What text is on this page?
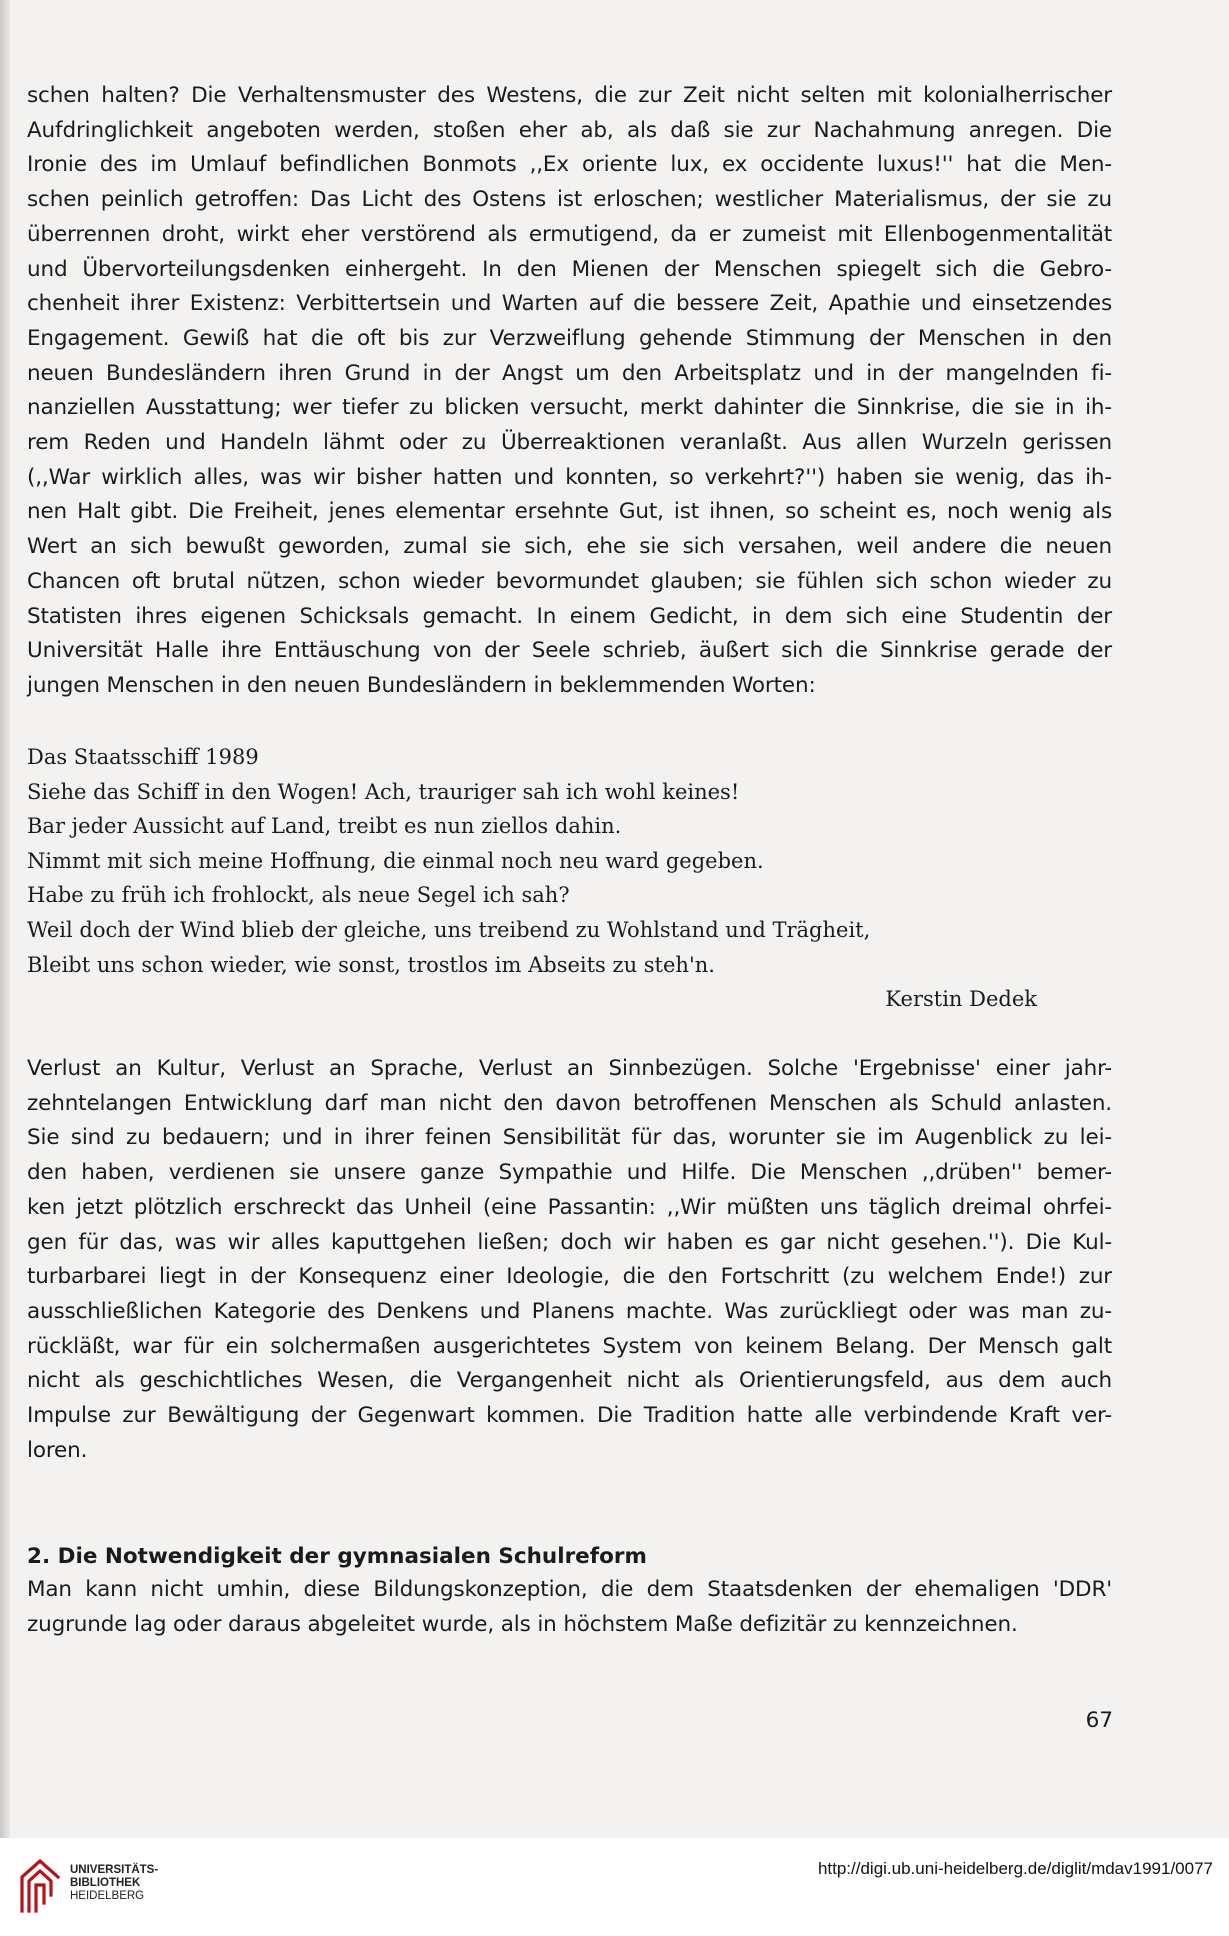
schen halten? Die Verhaltensmuster des Westens, die zur Zeit nicht selten mit kolonialherrischer
Aufdringlichkeit angeboten werden, stoßen eher ab, als daß sie zur Nachahmung anregen. Die
Ironie des im Umlauf befindlichen Bonmots ,,Ex oriente lux, ex occidente luxus!'' hat die Men-
schen peinlich getroffen: Das Licht des Ostens ist erloschen; westlicher Materialismus, der sie zu
überrennen droht, wirkt eher verstörend als ermutigend, da er zumeist mit Ellenbogenmentalität
und Übervorteilungsdenken einhergeht. In den Mienen der Menschen spiegelt sich die Gebro-
chenheit ihrer Existenz: Verbittertsein und Warten auf die bessere Zeit, Apathie und einsetzendes
Engagement. Gewiß hat die oft bis zur Verzweiflung gehende Stimmung der Menschen in den
neuen Bundesländern ihren Grund in der Angst um den Arbeitsplatz und in der mangelnden fi-
nanziellen Ausstattung; wer tiefer zu blicken versucht, merkt dahinter die Sinnkrise, die sie in ih-
rem Reden und Handeln lähmt oder zu Überreaktionen veranlaßt. Aus allen Wurzeln gerissen
(,,War wirklich alles, was wir bisher hatten und konnten, so verkehrt?'') haben sie wenig, das ih-
nen Halt gibt. Die Freiheit, jenes elementar ersehnte Gut, ist ihnen, so scheint es, noch wenig als
Wert an sich bewußt geworden, zumal sie sich, ehe sie sich versahen, weil andere die neuen
Chancen oft brutal nützen, schon wieder bevormundet glauben; sie fühlen sich schon wieder zu
Statisten ihres eigenen Schicksals gemacht. In einem Gedicht, in dem sich eine Studentin der
Universität Halle ihre Enttäuschung von der Seele schrieb, äußert sich die Sinnkrise gerade der
jungen Menschen in den neuen Bundesländern in beklemmenden Worten:
Das Staatsschiff 1989
Siehe das Schiff in den Wogen! Ach, trauriger sah ich wohl keines!
Bar jeder Aussicht auf Land, treibt es nun ziellos dahin.
Nimmt mit sich meine Hoffnung, die einmal noch neu ward gegeben.
Habe zu früh ich frohlockt, als neue Segel ich sah?
Weil doch der Wind blieb der gleiche, uns treibend zu Wohlstand und Trägheit,
Bleibt uns schon wieder, wie sonst, trostlos im Abseits zu steh'n.
Kerstin Dedek
Verlust an Kultur, Verlust an Sprache, Verlust an Sinnbezügen. Solche 'Ergebnisse' einer jahr-
zehntelangen Entwicklung darf man nicht den davon betroffenen Menschen als Schuld anlasten.
Sie sind zu bedauern; und in ihrer feinen Sensibilität für das, worunter sie im Augenblick zu lei-
den haben, verdienen sie unsere ganze Sympathie und Hilfe. Die Menschen ,,drüben'' bemer-
ken jetzt plötzlich erschreckt das Unheil (eine Passantin: ,,Wir müßten uns täglich dreimal ohrfei-
gen für das, was wir alles kaputtgehen ließen; doch wir haben es gar nicht gesehen.''). Die Kul-
turbarbarei liegt in der Konsequenz einer Ideologie, die den Fortschritt (zu welchem Ende!) zur
ausschließlichen Kategorie des Denkens und Planens machte. Was zurückliegt oder was man zu-
rückläßt, war für ein solchermaßen ausgerichtetes System von keinem Belang. Der Mensch galt
nicht als geschichtliches Wesen, die Vergangenheit nicht als Orientierungsfeld, aus dem auch
Impulse zur Bewältigung der Gegenwart kommen. Die Tradition hatte alle verbindende Kraft ver-
loren.
2. Die Notwendigkeit der gymnasialen Schulreform
Man kann nicht umhin, diese Bildungskonzeption, die dem Staatsdenken der ehemaligen 'DDR'
zugrunde lag oder daraus abgeleitet wurde, als in höchstem Maße defizitär zu kennzeichnen.
67
UNIVERSITÄTS-
BIBLIOTHEK
HEIDELBERG
http://digi.ub.uni-heidelberg.de/diglit/mdav1991/0077
